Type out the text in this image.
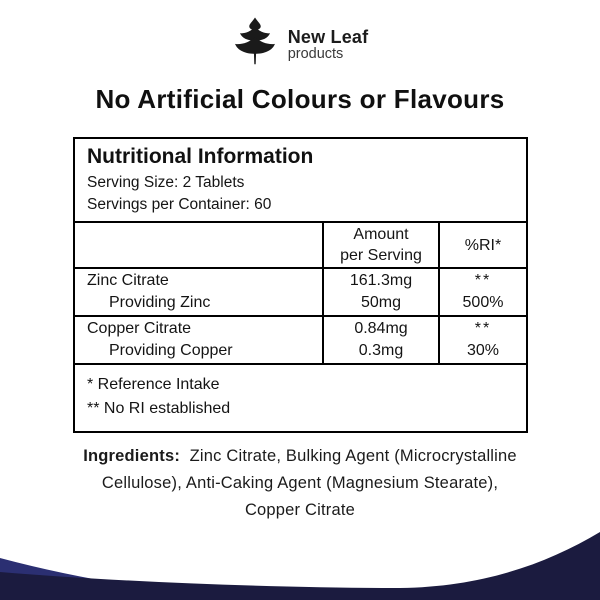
New Leaf
products
No Artificial Colours or Flavours
Nutritional Information
Serving Size: 2 Tablets
Servings per Container: 60
Amount
per Serving
%RI*
Zinc Citrate
Providing Zinc
161.3mg
50mg
**
500%
Copper Citrate
Providing Copper
0.84mg
0.3mg
**
30%
* Reference Intake
** No RI established
Ingredients: Zinc Citrate, Bulking Agent (Microcrystalline
Cellulose), Anti-Caking Agent (Magnesium Stearate),
Copper Citrate
